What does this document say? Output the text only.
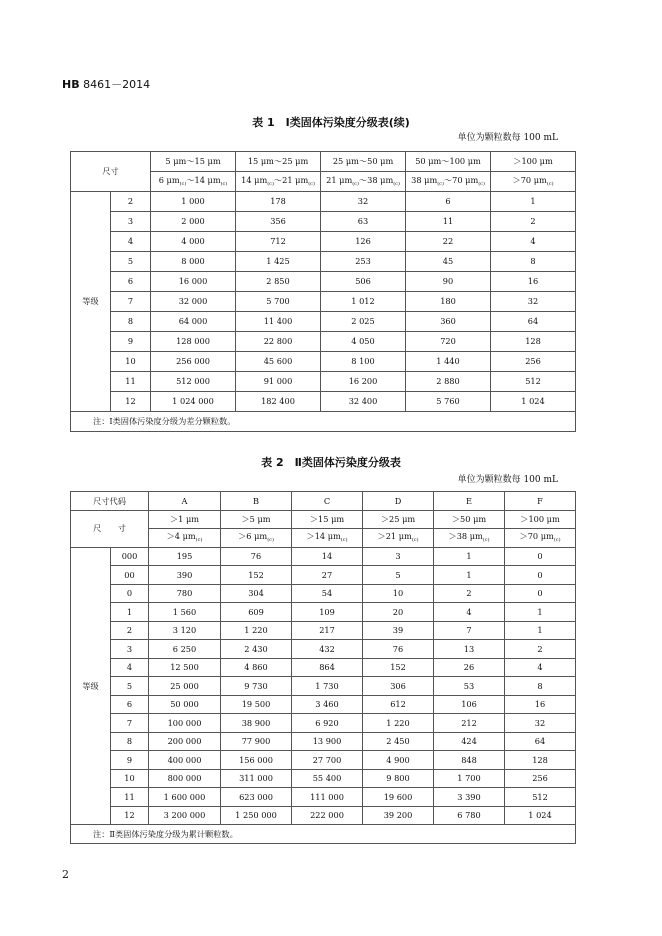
HB 8461－2014
表 1　Ⅰ类固体污染度分级表(续)
单位为颗粒数每 100 mL
尺寸		5 μm～15 μm	15 μm～25 μm	25 μm～50 μm	50 μm～100 μm	＞100 μm
		6 $\mu m_{(c)}\sim 14$ $\mu m_{(c)}$	14 $\mu m_{(c)}\sim 21$ $\mu m_{(c)}$	21 $\mu m_{(c)}\sim 38$ $\mu m_{(c)}$	38 $\mu m_{(c)}\sim 70$ $\mu m_{(c)}$	＞70 $\mu m_{(c)}$
等级	2	1 000	178	32	6	1
	3	2 000	356	63	11	2
	4	4 000	712	126	22	4
	5	8 000	1 425	253	45	8
	6	16 000	2 850	506	90	16
	7	32 000	5 700	1 012	180	32
	8	64 000	11 400	2 025	360	64
	9	128 000	22 800	4 050	720	128
	10	256 000	45 600	8 100	1 440	256
	11	512 000	91 000	16 200	2 880	512
	12	1 024 000	182 400	32 400	5 760	1 024
注：Ⅰ类固体污染度分级为差分颗粒数。						
表 2　Ⅱ类固体污染度分级表
单位为颗粒数每 100 mL
尺寸代码		A	B	C	D	E	F
尺　　寸		＞1 μm	＞5 μm	＞15 μm	＞25 μm	＞50 μm	＞100 μm
		＞4 $\mu m_{(c)}$	＞6 $\mu m_{(c)}$	＞14 $\mu m_{(c)}$	＞21 $\mu m_{(c)}$	＞38 $\mu m_{(c)}$	＞70 $\mu m_{(c)}$
等级	000	195	76	14	3	1	0
	00	390	152	27	5	1	0
	0	780	304	54	10	2	0
	1	1 560	609	109	20	4	1
	2	3 120	1 220	217	39	7	1
	3	6 250	2 430	432	76	13	2
	4	12 500	4 860	864	152	26	4
	5	25 000	9 730	1 730	306	53	8
	6	50 000	19 500	3 460	612	106	16
	7	100 000	38 900	6 920	1 220	212	32
	8	200 000	77 900	13 900	2 450	424	64
	9	400 000	156 000	27 700	4 900	848	128
	10	800 000	311 000	55 400	9 800	1 700	256
	11	1 600 000	623 000	111 000	19 600	3 390	512
	12	3 200 000	1 250 000	222 000	39 200	6 780	1 024
注：Ⅱ类固体污染度分级为累计颗粒数。							
2
